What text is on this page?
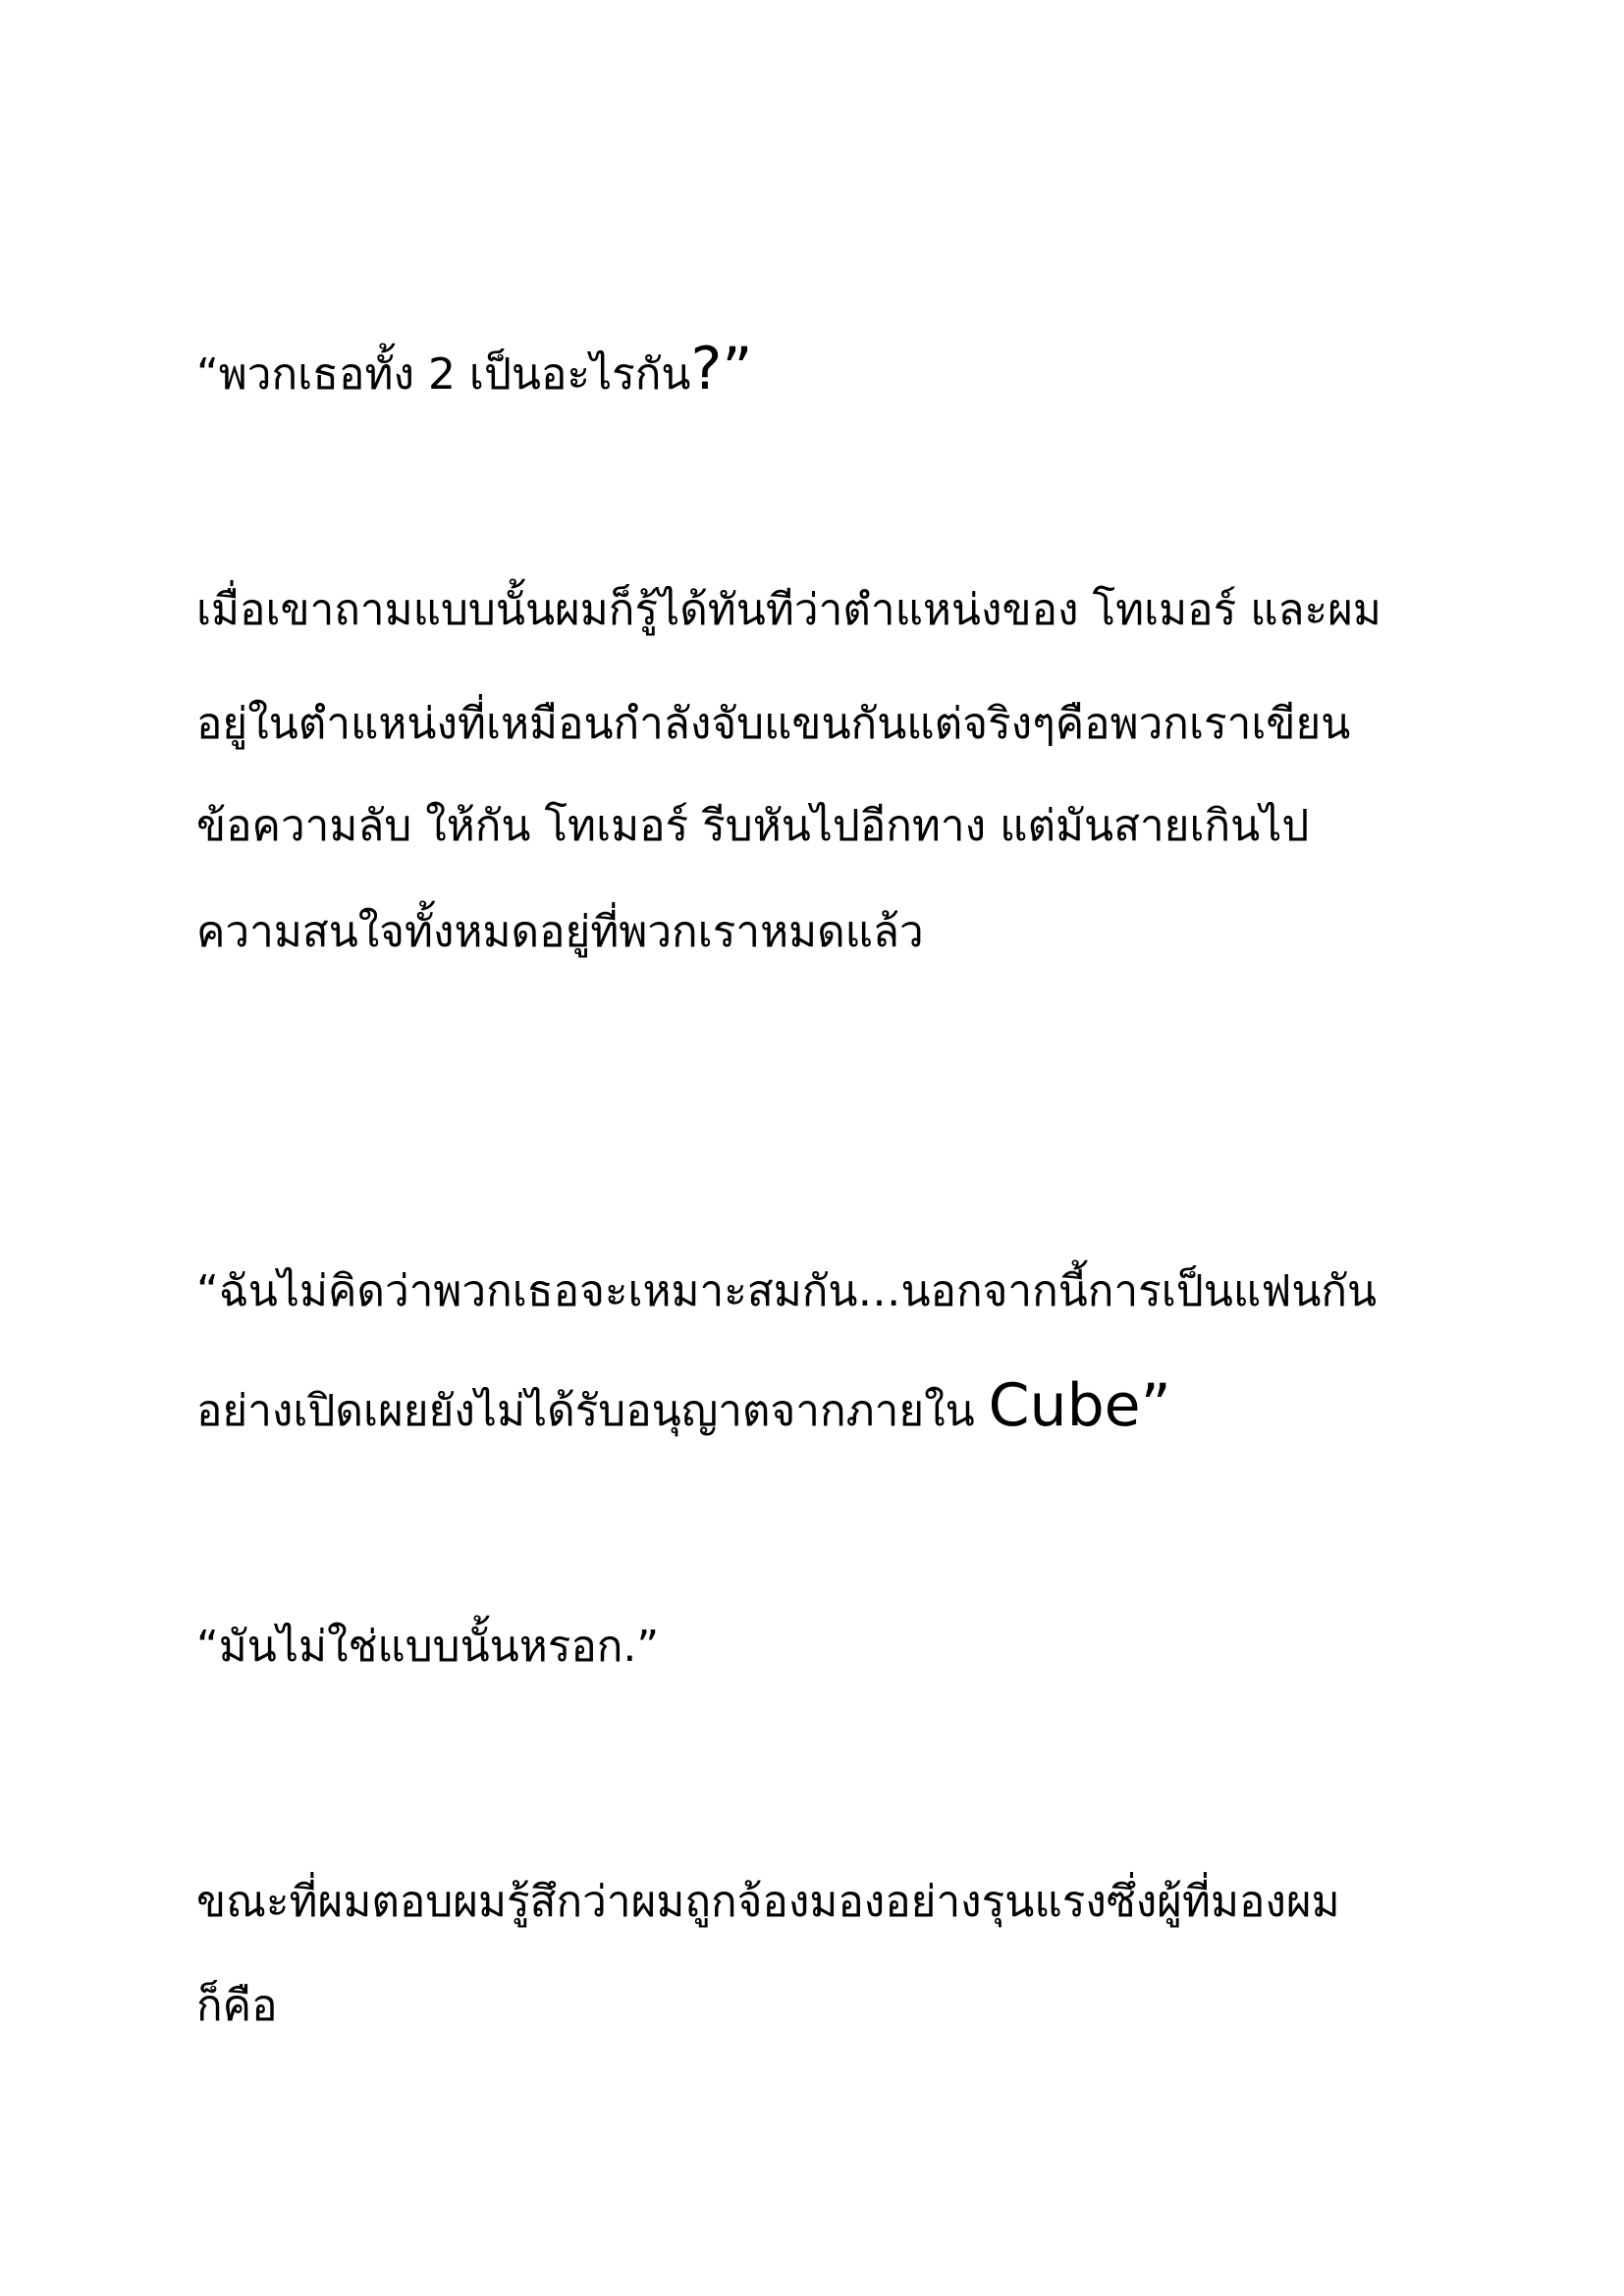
“พวกเธอทั้ง 2 เป็นอะไรกัน?”
เมื่อเขาถามแบบนั้นผมก็รู้ได้ทันทีว่าตำแหน่งของ โทเมอร์ และผม
อยู่ในตำแหน่งที่เหมือนกำลังจับแขนกันแต่จริงๆคือพวกเราเขียน
ข้อความลับ ให้กัน โทเมอร์ รีบหันไปอีกทาง แต่มันสายเกินไป
ความสนใจทั้งหมดอยู่ที่พวกเราหมดแล้ว
“ฉันไม่คิดว่าพวกเธอจะเหมาะสมกัน…นอกจากนี้การเป็นแฟนกัน
อย่างเปิดเผยยังไม่ได้รับอนุญาตจากภายใน Cube”
“มันไม่ใช่แบบนั้นหรอก.”
ขณะที่ผมตอบผมรู้สึกว่าผมถูกจ้องมองอย่างรุนแรงซึ่งผู้ที่มองผม
ก็คือ
